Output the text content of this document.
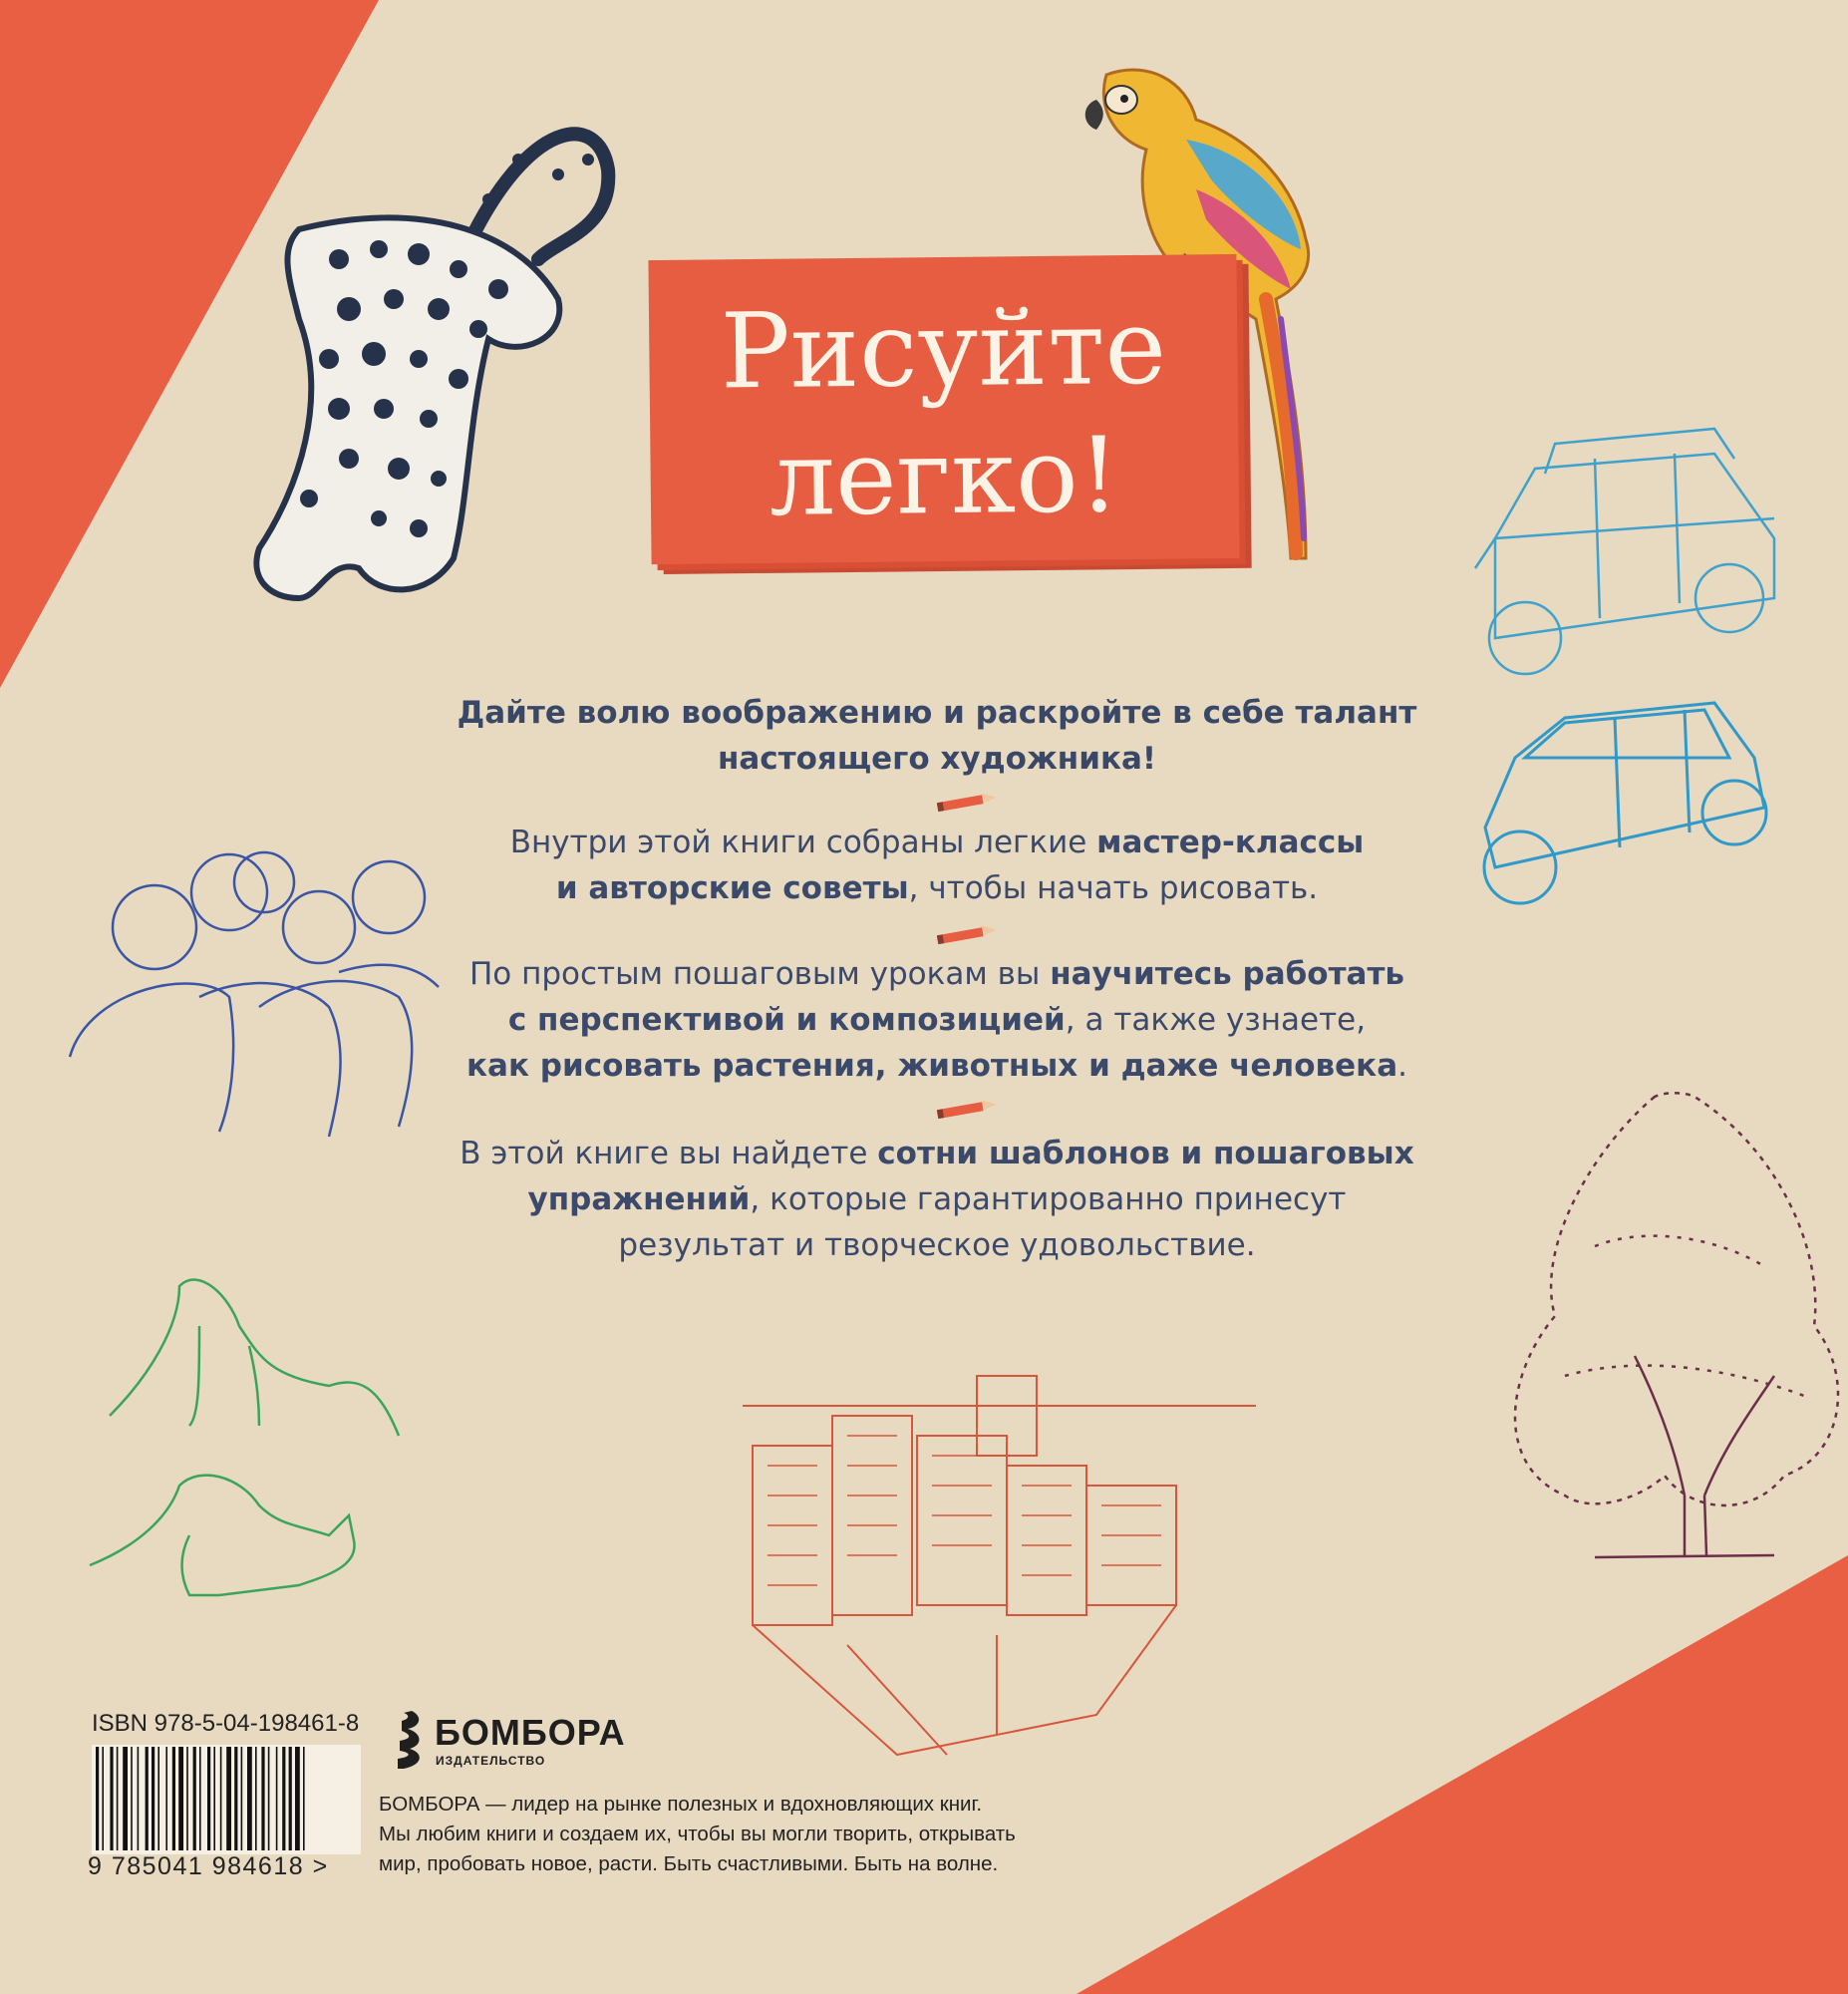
Рисуйте
легко!
Дайте волю воображению и раскройте в себе талант
настоящего художника!
Внутри этой книги собраны легкие мастер-классы
и авторские советы, чтобы начать рисовать.
По простым пошаговым урокам вы научитесь работать
с перспективой и композицией, а также узнаете,
как рисовать растения, животных и даже человека.
В этой книге вы найдете сотни шаблонов и пошаговых
упражнений, которые гарантированно принесут
результат и творческое удовольствие.
ISBN 978-5-04-198461-8
9 785041 984618 >
БОМБОРА
ИЗДАТЕЛЬСТВО
БОМБОРА — лидер на рынке полезных и вдохновляющих книг.
Мы любим книги и создаем их, чтобы вы могли творить, открывать
мир, пробовать новое, расти. Быть счастливыми. Быть на волне.
